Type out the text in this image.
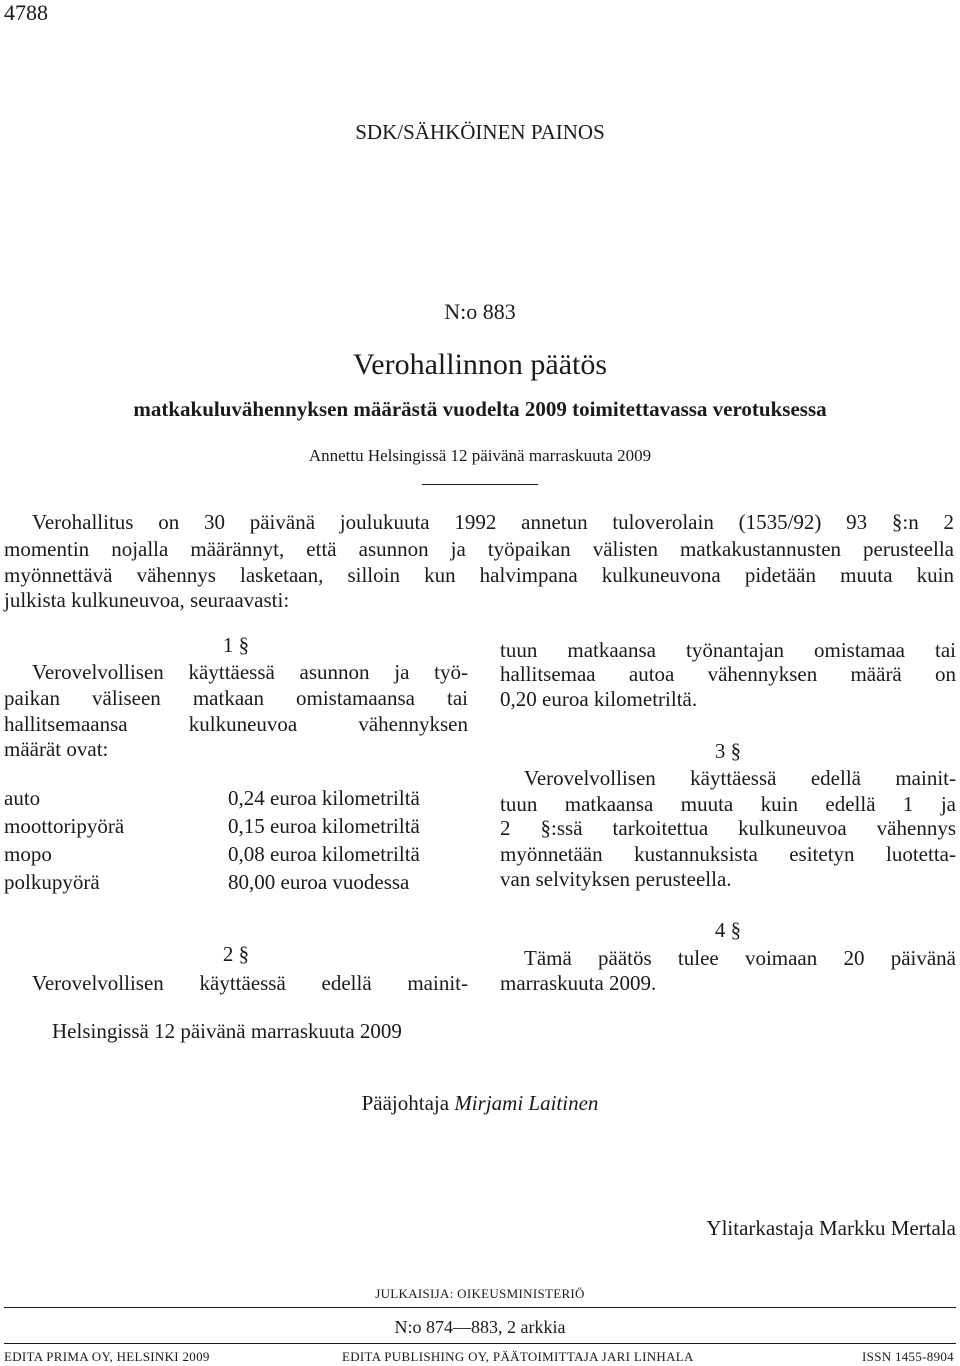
4788
SDK/SÄHKÖINEN PAINOS
N:o 883
Verohallinnon päätös
matkakuluvähennyksen määrästä vuodelta 2009 toimitettavassa verotuksessa
Annettu Helsingissä 12 päivänä marraskuuta 2009
Verohallitus on 30 päivänä joulukuuta 1992 annetun tuloverolain (1535/92) 93 §:n 2
momentin nojalla määrännyt, että asunnon ja työpaikan välisten matkakustannusten perusteella
myönnettävä vähennys lasketaan, silloin kun halvimpana kulkuneuvona pidetään muuta kuin
julkista kulkuneuvoa, seuraavasti:
1 §
Verovelvollisen käyttäessä asunnon ja työ-
paikan väliseen matkaan omistamaansa tai
hallitsemaansa kulkuneuvoa vähennyksen
määrät ovat:
auto	0,24 euroa kilometriltä
moottoripyörä	0,15 euroa kilometriltä
mopo	0,08 euroa kilometriltä
polkupyörä	80,00 euroa vuodessa
2 §
Verovelvollisen käyttäessä edellä mainit-
tuun matkaansa työnantajan omistamaa tai
hallitsemaa autoa vähennyksen määrä on
0,20 euroa kilometriltä.
3 §
Verovelvollisen käyttäessä edellä mainit-
tuun matkaansa muuta kuin edellä 1 ja
2 §:ssä tarkoitettua kulkuneuvoa vähennys
myönnetään kustannuksista esitetyn luotetta-
van selvityksen perusteella.
4 §
Tämä päätös tulee voimaan 20 päivänä
marraskuuta 2009.
Helsingissä 12 päivänä marraskuuta 2009
Pääjohtaja Mirjami Laitinen
Ylitarkastaja Markku Mertala
JULKAISIJA: OIKEUSMINISTERIÖ
N:o 874—883, 2 arkkia
EDITA PRIMA OY, HELSINKI 2009	EDITA PUBLISHING OY, PÄÄTOIMITTAJA JARI LINHALA	ISSN 1455-8904
